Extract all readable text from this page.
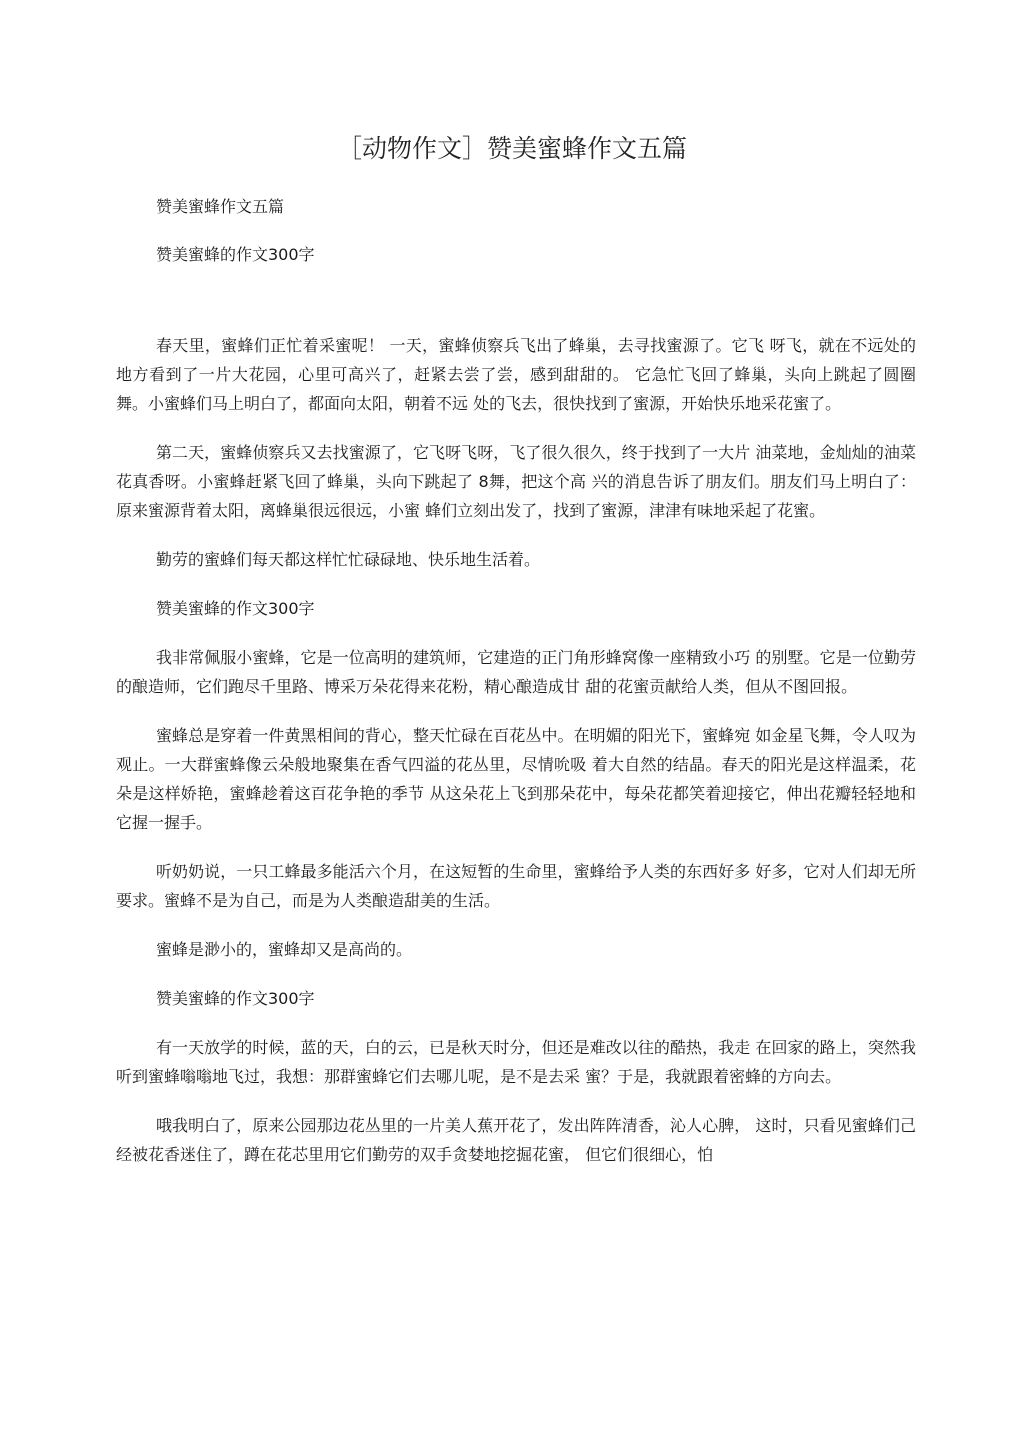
［动物作文］赞美蜜蜂作文五篇

赞美蜜蜂作文五篇

赞美蜜蜂的作文300字

春天里，蜜蜂们正忙着采蜜呢！ 一天，蜜蜂侦察兵飞出了蜂巢，去寻找蜜源了。它飞 呀飞，就在不远处的地方看到了一片大花园，心里可高兴了，赶紧去尝了尝，感到甜甜的。 它急忙飞回了蜂巢，头向上跳起了圆圈舞。小蜜蜂们马上明白了，都面向太阳，朝着不远 处的飞去，很快找到了蜜源，开始快乐地采花蜜了。

第二天，蜜蜂侦察兵又去找蜜源了，它飞呀飞呀，飞了很久很久，终于找到了一大片 油菜地，金灿灿的油菜花真香呀。小蜜蜂赶紧飞回了蜂巢，头向下跳起了 8舞，把这个高 兴的消息告诉了朋友们。朋友们马上明白了：原来蜜源背着太阳，离蜂巢很远很远，小蜜 蜂们立刻出发了，找到了蜜源，津津有味地采起了花蜜。

勤劳的蜜蜂们每天都这样忙忙碌碌地、快乐地生活着。

赞美蜜蜂的作文300字

我非常佩服小蜜蜂，它是一位高明的建筑师，它建造的正门角形蜂窝像一座精致小巧 的别墅。它是一位勤劳的酿造师，它们跑尽千里路、博采万朵花得来花粉，精心酿造成甘 甜的花蜜贡献给人类，但从不图回报。

蜜蜂总是穿着一件黄黑相间的背心，整天忙碌在百花丛中。在明媚的阳光下，蜜蜂宛 如金星飞舞，令人叹为观止。一大群蜜蜂像云朵般地聚集在香气四溢的花丛里，尽情吮吸 着大自然的结晶。春天的阳光是这样温柔，花朵是这样娇艳，蜜蜂趁着这百花争艳的季节 从这朵花上飞到那朵花中，每朵花都笑着迎接它，伸出花瓣轻轻地和它握一握手。

听奶奶说，一只工蜂最多能活六个月，在这短暂的生命里，蜜蜂给予人类的东西好多 好多，它对人们却无所要求。蜜蜂不是为自己，而是为人类酿造甜美的生活。

蜜蜂是渺小的，蜜蜂却又是高尚的。

赞美蜜蜂的作文300字

有一天放学的时候，蓝的天，白的云，已是秋天时分，但还是难改以往的酷热，我走 在回家的路上，突然我听到蜜蜂嗡嗡地飞过，我想：那群蜜蜂它们去哪儿呢，是不是去采 蜜？于是，我就跟着密蜂的方向去。

哦我明白了，原来公园那边花丛里的一片美人蕉开花了，发出阵阵清香，沁人心脾， 这时，只看见蜜蜂们己经被花香迷住了，蹲在花芯里用它们勤劳的双手贪婪地挖掘花蜜， 但它们很细心，怕
